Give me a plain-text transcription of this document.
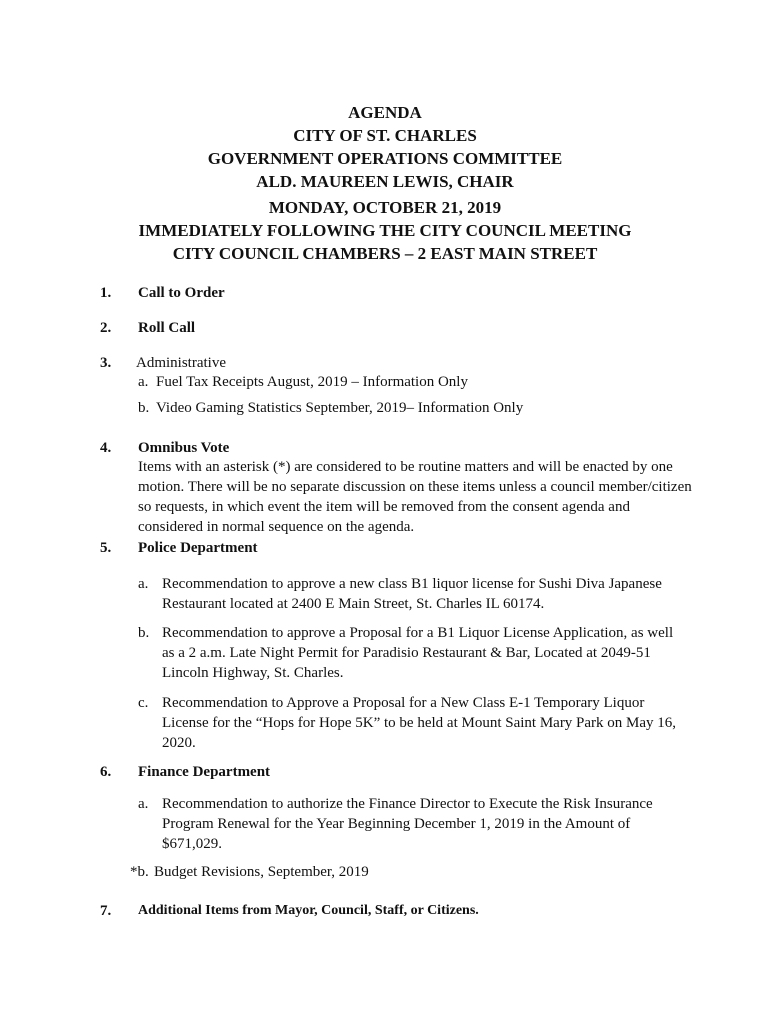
AGENDA
CITY OF ST. CHARLES
GOVERNMENT OPERATIONS COMMITTEE
ALD. MAUREEN LEWIS, CHAIR
MONDAY, OCTOBER 21, 2019
IMMEDIATELY FOLLOWING THE CITY COUNCIL MEETING
CITY COUNCIL CHAMBERS – 2 EAST MAIN STREET
1. Call to Order
2. Roll Call
3. Administrative
a. Fuel Tax Receipts August, 2019 – Information Only
b. Video Gaming Statistics September, 2019– Information Only
4. Omnibus Vote
Items with an asterisk (*) are considered to be routine matters and will be enacted by one motion. There will be no separate discussion on these items unless a council member/citizen so requests, in which event the item will be removed from the consent agenda and considered in normal sequence on the agenda.
5. Police Department
a. Recommendation to approve a new class B1 liquor license for Sushi Diva Japanese Restaurant located at 2400 E Main Street, St. Charles IL 60174.
b. Recommendation to approve a Proposal for a B1 Liquor License Application, as well as a 2 a.m. Late Night Permit for Paradisio Restaurant & Bar, Located at 2049-51 Lincoln Highway, St. Charles.
c. Recommendation to Approve a Proposal for a New Class E-1 Temporary Liquor License for the “Hops for Hope 5K” to be held at Mount Saint Mary Park on May 16, 2020.
6. Finance Department
a. Recommendation to authorize the Finance Director to Execute the Risk Insurance Program Renewal for the Year Beginning December 1, 2019 in the Amount of $671,029.
*b. Budget Revisions, September, 2019
7. Additional Items from Mayor, Council, Staff, or Citizens.
